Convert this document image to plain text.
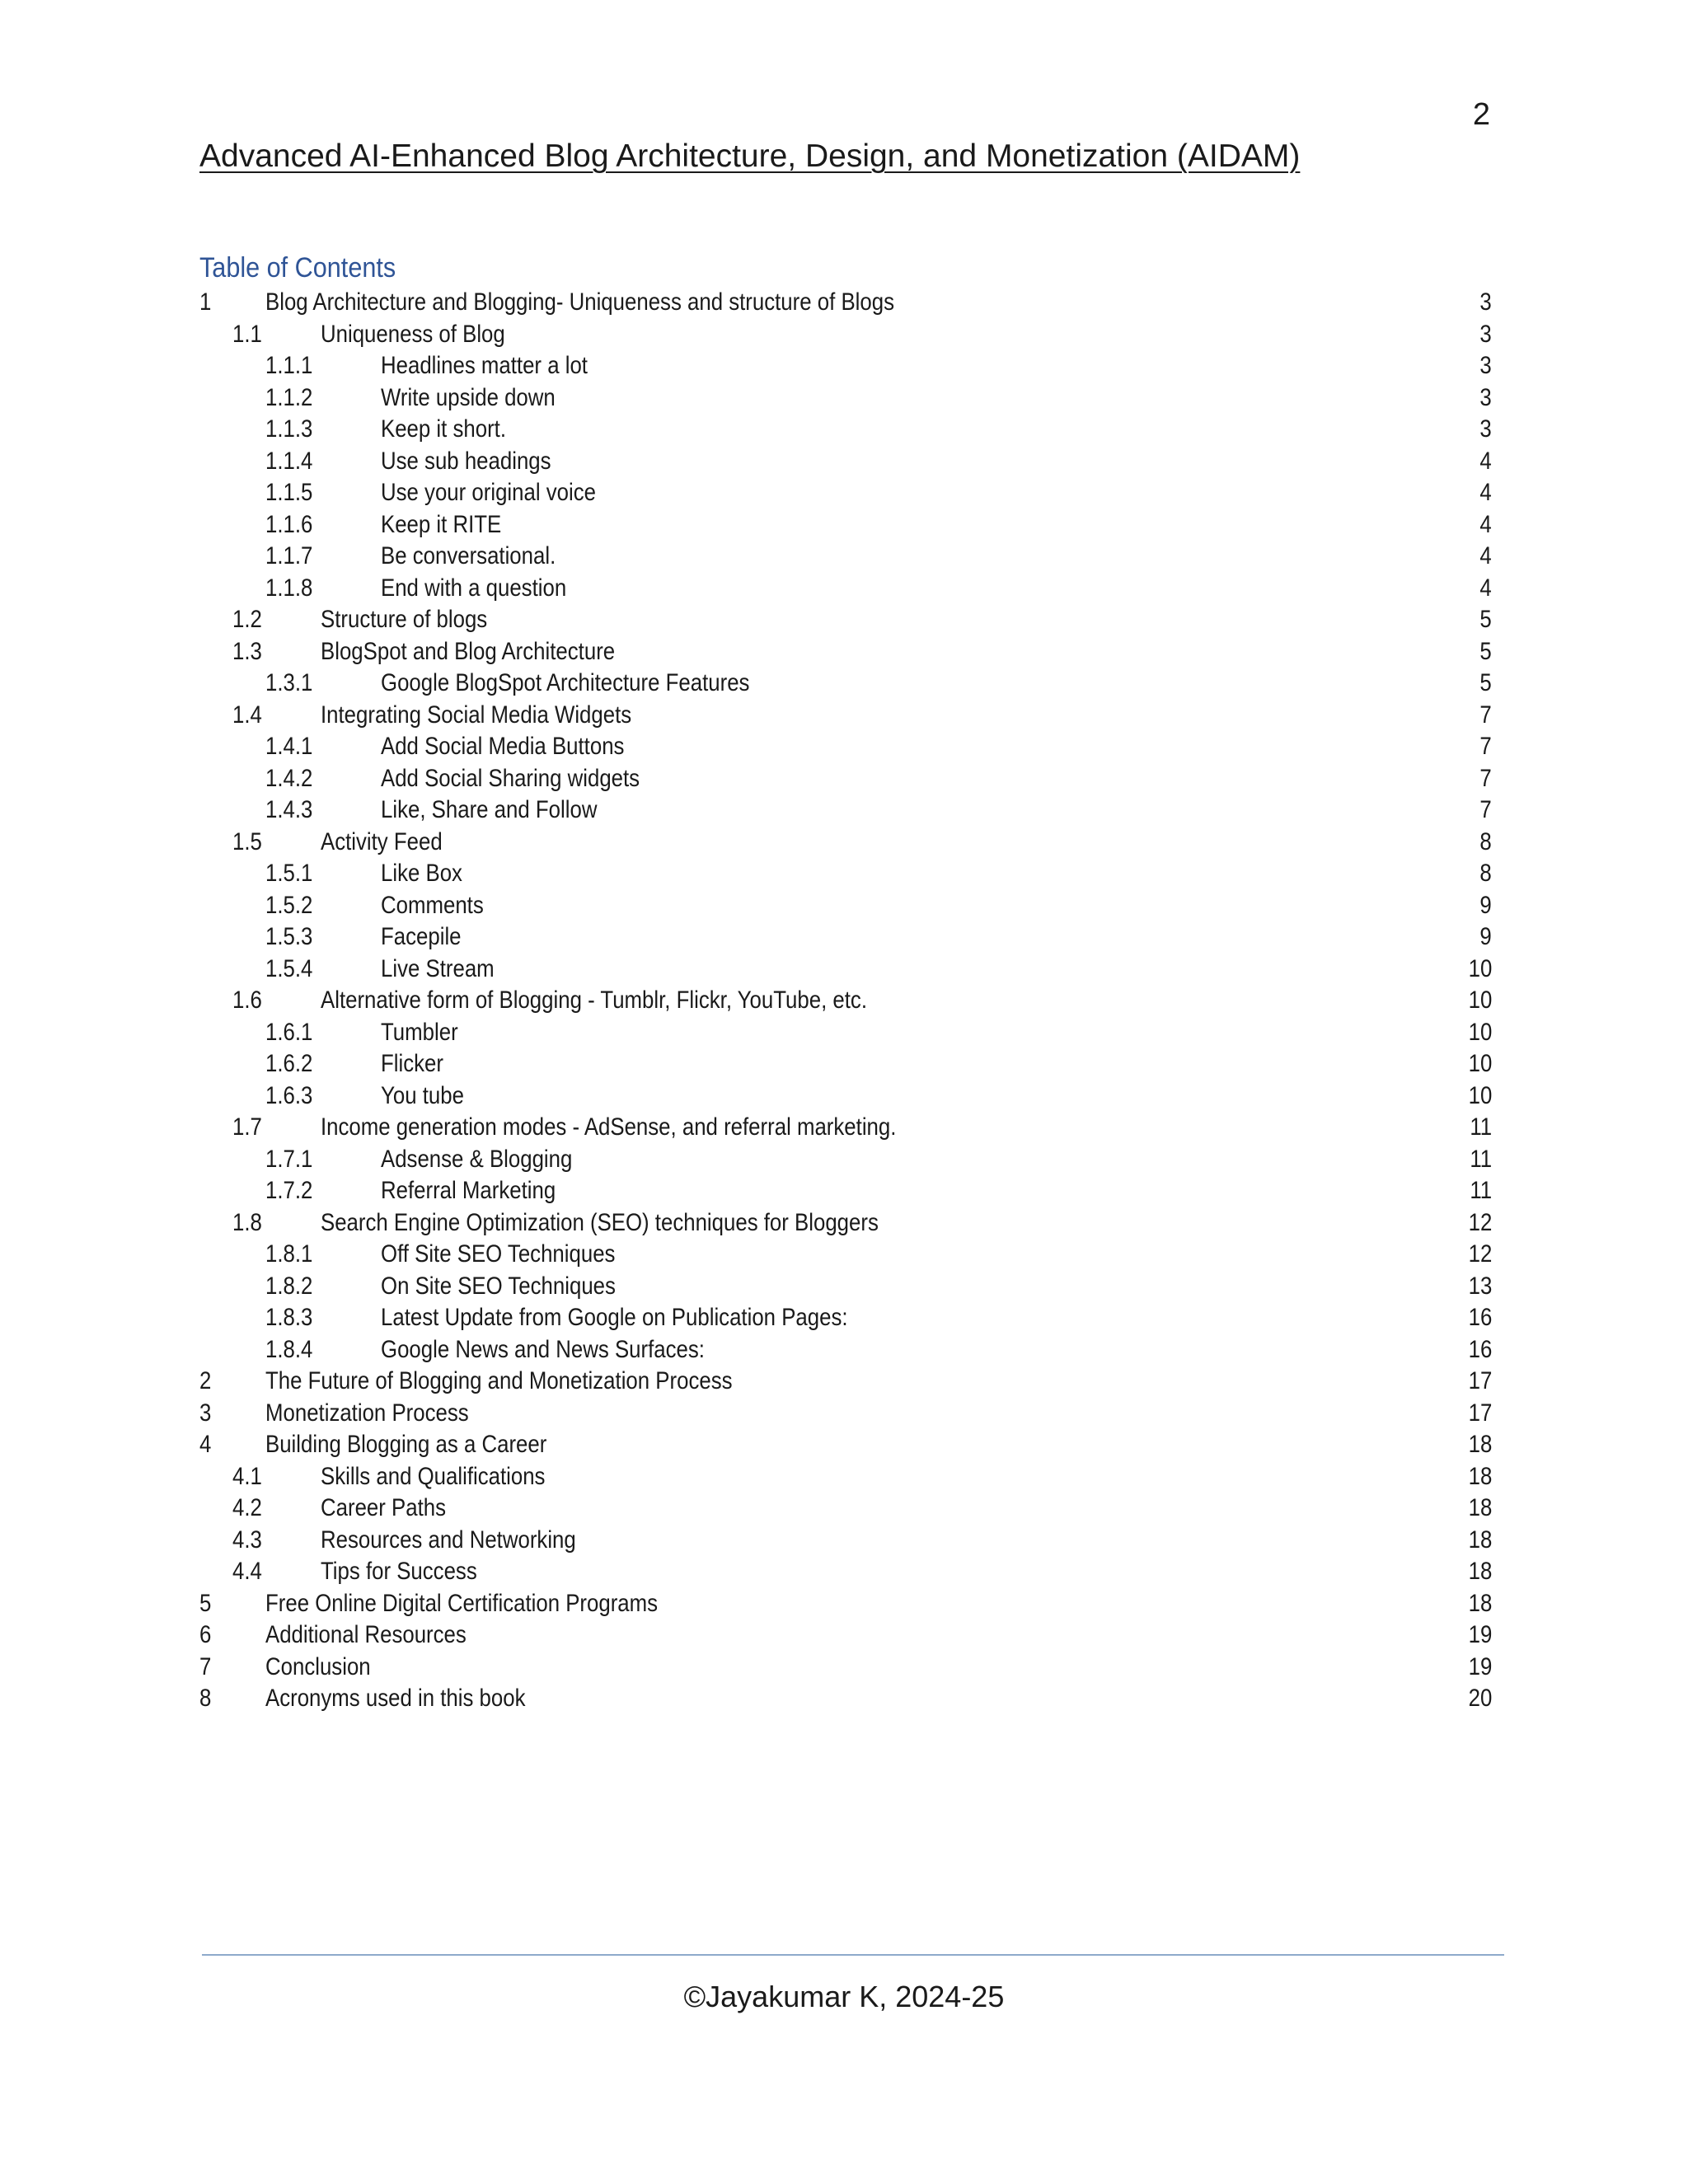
2
Advanced AI-Enhanced Blog Architecture, Design, and Monetization (AIDAM)
Table of Contents
1 Blog Architecture and Blogging- Uniqueness and structure of Blogs	3
1.1 Uniqueness of Blog	3
1.1.1	Headlines matter a lot	3
1.1.2	Write upside down	3
1.1.3	Keep it short.	3
1.1.4	Use sub headings	4
1.1.5	Use your original voice	4
1.1.6	Keep it RITE	4
1.1.7	Be conversational.	4
1.1.8	End with a question	4
1.2 Structure of blogs	5
1.3 BlogSpot and Blog Architecture	5
1.3.1	Google BlogSpot Architecture Features	5
1.4 Integrating Social Media Widgets	7
1.4.1	Add Social Media Buttons	7
1.4.2	Add Social Sharing widgets	7
1.4.3	Like, Share and Follow	7
1.5 Activity Feed	8
1.5.1	Like Box	8
1.5.2	Comments	9
1.5.3	Facepile	9
1.5.4	Live Stream	10
1.6 Alternative form of Blogging - Tumblr, Flickr, YouTube, etc.	10
1.6.1	Tumbler	10
1.6.2	Flicker	10
1.6.3	You tube	10
1.7 Income generation modes - AdSense, and referral marketing.	11
1.7.1	Adsense & Blogging	11
1.7.2	Referral Marketing	11
1.8 Search Engine Optimization (SEO) techniques for Bloggers	12
1.8.1	Off Site SEO Techniques	12
1.8.2	On Site SEO Techniques	13
1.8.3	Latest Update from Google on Publication Pages:	16
1.8.4	Google News and News Surfaces:	16
2 The Future of Blogging and Monetization Process	17
3 Monetization Process	17
4 Building Blogging as a Career	18
4.1 Skills and Qualifications	18
4.2 Career Paths	18
4.3 Resources and Networking	18
4.4 Tips for Success	18
5 Free Online Digital Certification Programs	18
6 Additional Resources	19
7 Conclusion	19
8 Acronyms used in this book	20
©Jayakumar K, 2024-25
